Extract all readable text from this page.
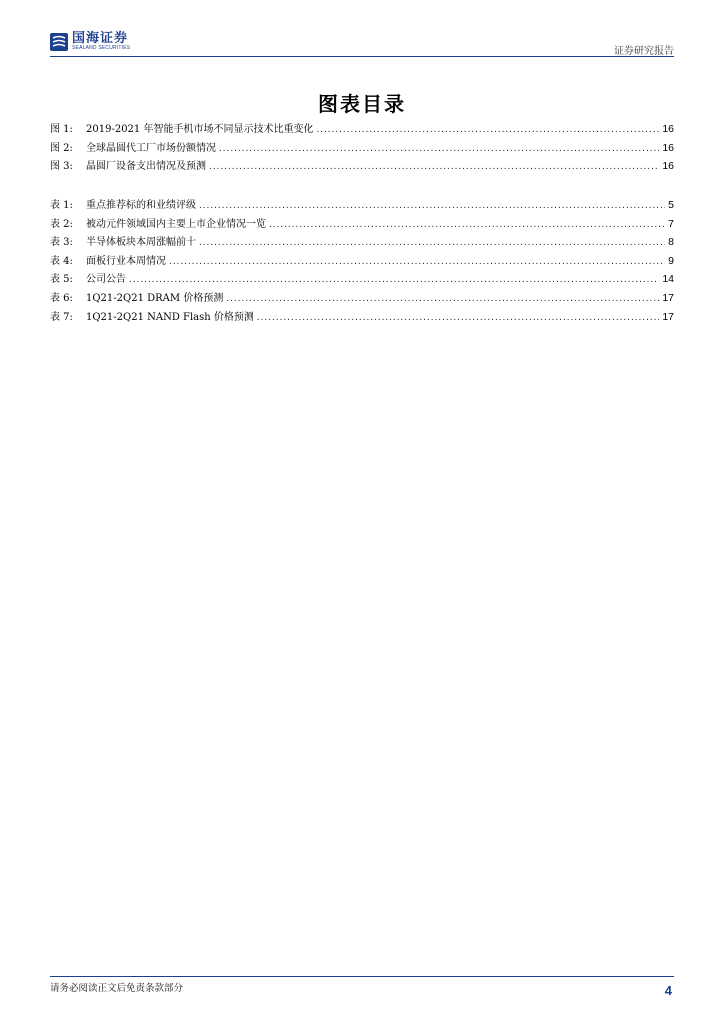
国海证券
SEALAND SECURITIES	证券研究报告
图表目录
图 1:	2019-2021 年智能手机市场不同显示技术比重变化 .....	16
图 2:	全球晶圆代工厂市场份额情况 .....	16
图 3:	晶圆厂设备支出情况及预测 .....	16
表 1:	重点推荐标的和业绩评级 .....	5
表 2:	被动元件领域国内主要上市企业情况一览 .....	7
表 3:	半导体板块本周涨幅前十 .....	8
表 4:	面板行业本周情况 .....	9
表 5:	公司公告 .....	14
表 6:	1Q21-2Q21 DRAM 价格预测 .....	17
表 7:	1Q21-2Q21 NAND Flash 价格预测 .....	17
请务必阅读正文后免责条款部分	4
